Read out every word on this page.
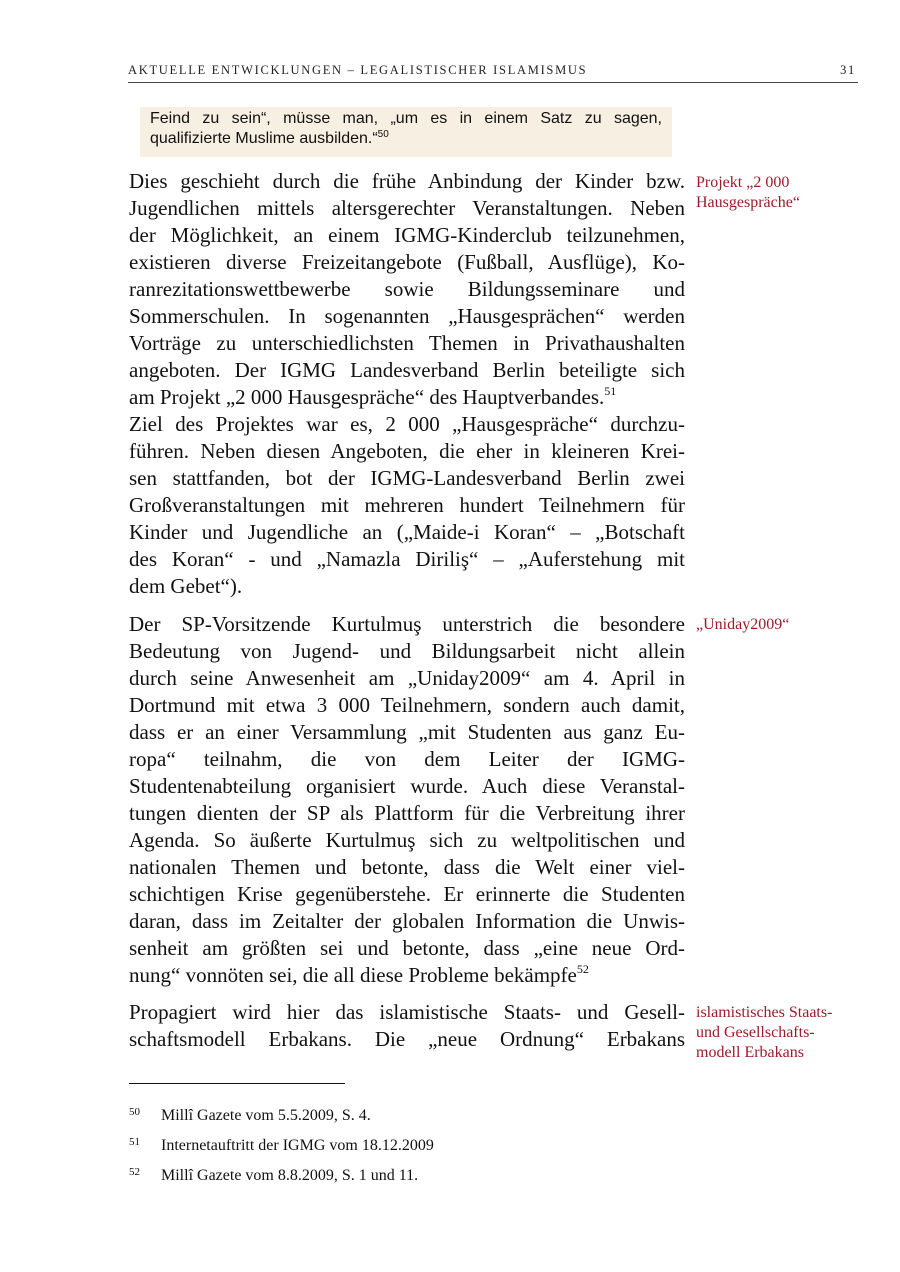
AKTUELLE ENTWICKLUNGEN – LEGALISTISCHER ISLAMISMUS	31
Feind zu sein“, müsse man, „um es in einem Satz zu sagen,
qualifizierte Muslime ausbilden.“$^{50}$
Dies geschieht durch die frühe Anbindung der Kinder bzw.
Jugendlichen mittels altersgerechter Veranstaltungen. Neben
der Möglichkeit, an einem IGMG-Kinderclub teilzunehmen,
existieren diverse Freizeitangebote (Fußball, Ausflüge), Ko-
ranrezitationswettbewerbe sowie Bildungsseminare und
Sommerschulen. In sogenannten „Hausgesprächen“ werden
Vorträge zu unterschiedlichsten Themen in Privathaushalten
angeboten. Der IGMG Landesverband Berlin beteiligte sich
am Projekt „2 000 Hausgespräche“ des Hauptverbandes.$^{51}$
Ziel des Projektes war es, 2 000 „Hausgespräche“ durchzu-
führen. Neben diesen Angeboten, die eher in kleineren Krei-
sen stattfanden, bot der IGMG-Landesverband Berlin zwei
Großveranstaltungen mit mehreren hundert Teilnehmern für
Kinder und Jugendliche an („Maide-i Koran“ – „Botschaft
des Koran“ - und „Namazla Diriliş“ – „Auferstehung mit
dem Gebet“).
Der SP-Vorsitzende Kurtulmuş unterstrich die besondere
Bedeutung von Jugend- und Bildungsarbeit nicht allein
durch seine Anwesenheit am „Uniday2009“ am 4. April in
Dortmund mit etwa 3 000 Teilnehmern, sondern auch damit,
dass er an einer Versammlung „mit Studenten aus ganz Eu-
ropa“ teilnahm, die von dem Leiter der IGMG-
Studentenabteilung organisiert wurde. Auch diese Veranstal-
tungen dienten der SP als Plattform für die Verbreitung ihrer
Agenda. So äußerte Kurtulmuş sich zu weltpolitischen und
nationalen Themen und betonte, dass die Welt einer viel-
schichtigen Krise gegenüberstehe. Er erinnerte die Studenten
daran, dass im Zeitalter der globalen Information die Unwis-
senheit am größten sei und betonte, dass „eine neue Ord-
nung“ vonnöten sei, die all diese Probleme bekämpfe$^{52}$
Propagiert wird hier das islamistische Staats- und Gesell-
schaftsmodell Erbakans. Die „neue Ordnung“ Erbakans
Projekt „2 000
Hausgespräche“
„Uniday2009“
islamistisches Staats-
und Gesellschafts-
modell Erbakans
50 Millî Gazete vom 5.5.2009, S. 4.
51 Internetauftritt der IGMG vom 18.12.2009
52 Millî Gazete vom 8.8.2009, S. 1 und 11.
